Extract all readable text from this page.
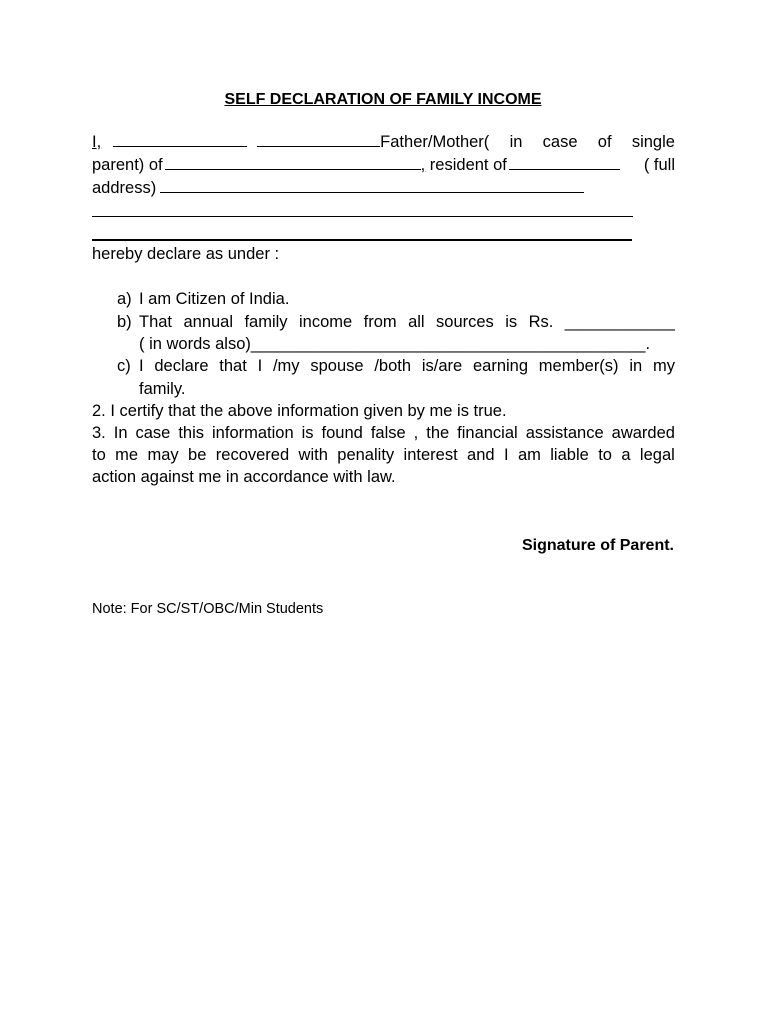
SELF DECLARATION OF FAMILY INCOME
I,	Father/Mother( in case of single
parent) of	, resident of	( full
address)
hereby declare as under :
a) I am Citizen of India.
b) That annual family income from all sources is Rs. ____________
( in words also)___________________________________________.
c) I declare that I /my spouse /both is/are earning member(s) in my
family.
2. I certify that the above information given by me is true.
3. In case this information is found false , the financial assistance awarded
to me may be recovered with penality interest and I am liable to a legal
action against me in accordance with law.
Signature of Parent.
Note: For SC/ST/OBC/Min Students
